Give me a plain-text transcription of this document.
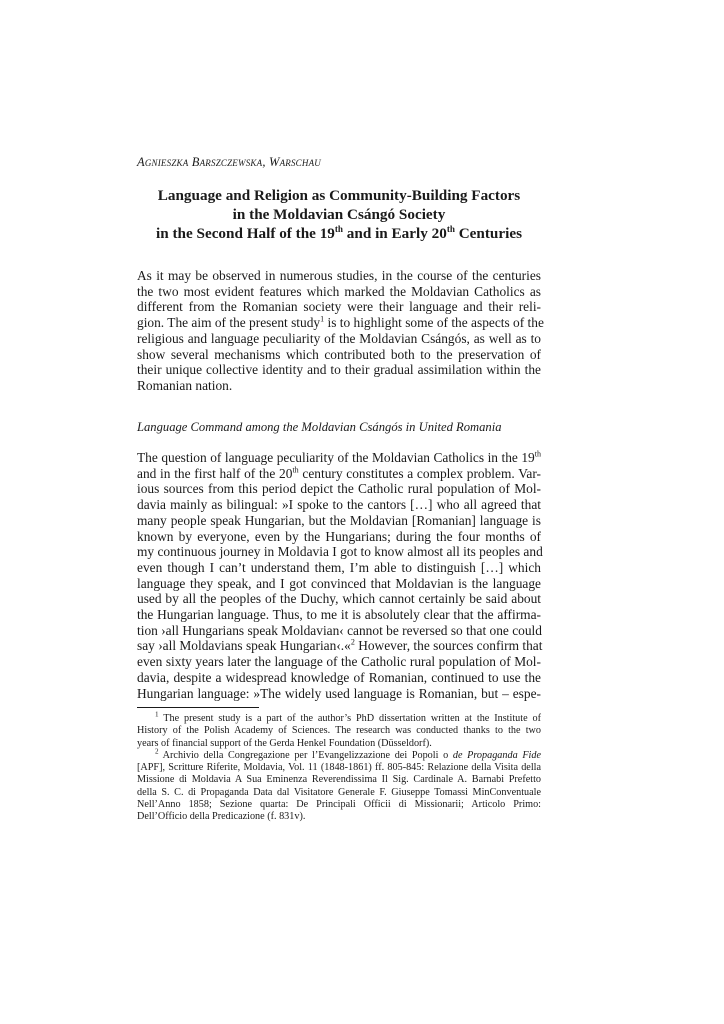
Agnieszka Barszczewska, Warschau
Language and Religion as Community-Building Factors
in the Moldavian Csángó Society
in the Second Half of the 19th and in Early 20th Centuries
As it may be observed in numerous studies, in the course of the centuries
the two most evident features which marked the Moldavian Catholics as
different from the Romanian society were their language and their reli-
gion. The aim of the present study$^1$ is to highlight some of the aspects of the
religious and language peculiarity of the Moldavian Csángós, as well as to
show several mechanisms which contributed both to the preservation of
their unique collective identity and to their gradual assimilation within the
Romanian nation.
Language Command among the Moldavian Csángós in United Romania
The question of language peculiarity of the Moldavian Catholics in the 19th
and in the first half of the 20th century constitutes a complex problem. Var-
ious sources from this period depict the Catholic rural population of Mol-
davia mainly as bilingual: »I spoke to the cantors […] who all agreed that
many people speak Hungarian, but the Moldavian [Romanian] language is
known by everyone, even by the Hungarians; during the four months of
my continuous journey in Moldavia I got to know almost all its peoples and
even though I can’t understand them, I’m able to distinguish […] which
language they speak, and I got convinced that Moldavian is the language
used by all the peoples of the Duchy, which cannot certainly be said about
the Hungarian language. Thus, to me it is absolutely clear that the affirma-
tion ›all Hungarians speak Moldavian‹ cannot be reversed so that one could
say ›all Moldavians speak Hungarian‹.«$^2$ However, the sources confirm that
even sixty years later the language of the Catholic rural population of Mol-
davia, despite a widespread knowledge of Romanian, continued to use the
Hungarian language: »The widely used language is Romanian, but – espe-
$^1$ The present study is a part of the author’s PhD dissertation written at the Institute of
History of the Polish Academy of Sciences. The research was conducted thanks to the two
years of financial support of the Gerda Henkel Foundation (Düsseldorf).
$^2$ Archivio della Congregazione per l’Evangelizzazione dei Popoli o de Propaganda Fide
[APF], Scritture Riferite, Moldavia, Vol. 11 (1848-1861) ff. 805-845: Relazione della Visita della
Missione di Moldavia A Sua Eminenza Reverendissima Il Sig. Cardinale A. Barnabi Prefetto
della S. C. di Propaganda Data dal Visitatore Generale F. Giuseppe Tomassi MinConventuale
Nell’Anno 1858; Sezione quarta: De Principali Officii di Missionarii; Articolo Primo:
Dell’Officio della Predicazione (f. 831v).
